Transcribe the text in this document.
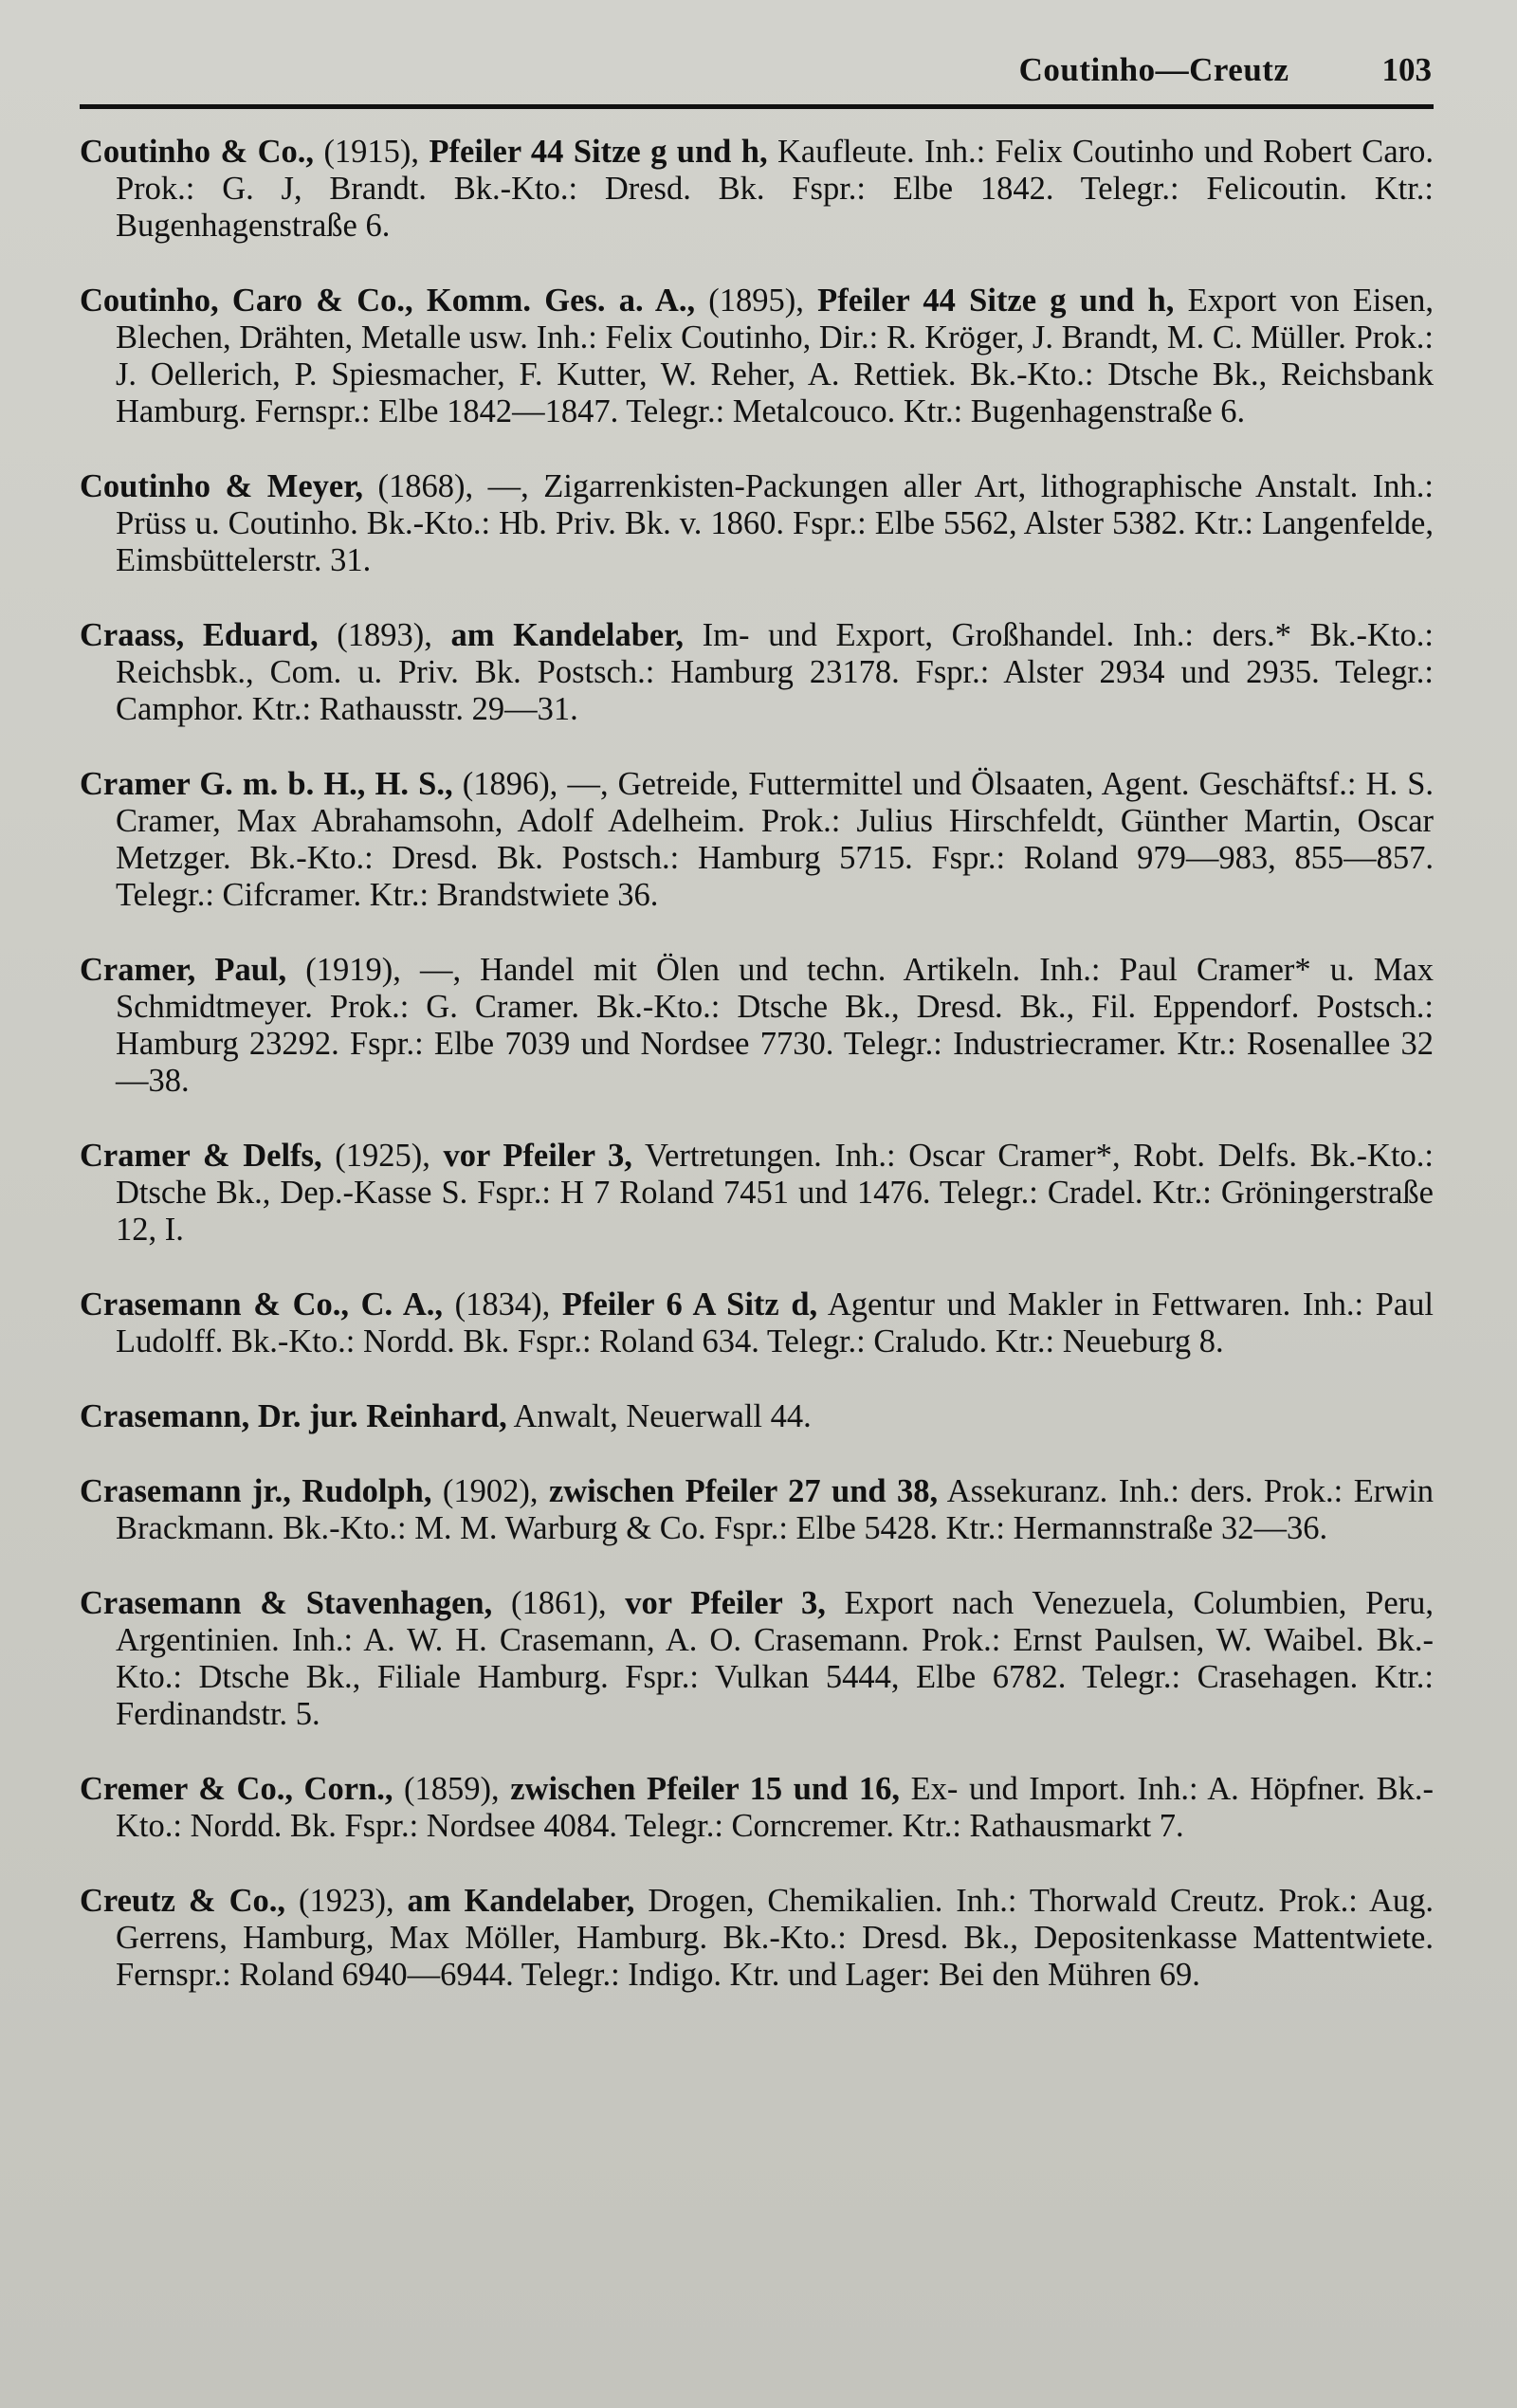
Coutinho—Creutz	103

Coutinho & Co., (1915), Pfeiler 44 Sitze g und h, Kaufleute. Inh.: Felix Coutinho und Robert Caro. Prok.: G. J, Brandt. Bk.-Kto.: Dresd. Bk. Fspr.: Elbe 1842. Telegr.: Felicoutin. Ktr.: Bugenhagenstraße 6.

Coutinho, Caro & Co., Komm. Ges. a. A., (1895), Pfeiler 44 Sitze g und h, Export von Eisen, Blechen, Drähten, Metalle usw. Inh.: Felix Coutinho, Dir.: R. Kröger, J. Brandt, M. C. Müller. Prok.: J. Oellerich, P. Spiesmacher, F. Kutter, W. Reher, A. Rettiek. Bk.-Kto.: Dtsche Bk., Reichsbank Hamburg. Fernspr.: Elbe 1842—1847. Telegr.: Metalcouco. Ktr.: Bugenhagenstraße 6.

Coutinho & Meyer, (1868), —, Zigarrenkisten-Packungen aller Art, lithographische Anstalt. Inh.: Prüss u. Coutinho. Bk.-Kto.: Hb. Priv. Bk. v. 1860. Fspr.: Elbe 5562, Alster 5382. Ktr.: Langenfelde, Eimsbüttelerstr. 31.

Craass, Eduard, (1893), am Kandelaber, Im- und Export, Großhandel. Inh.: ders.* Bk.-Kto.: Reichsbk., Com. u. Priv. Bk. Postsch.: Hamburg 23178. Fspr.: Alster 2934 und 2935. Telegr.: Camphor. Ktr.: Rathausstr. 29—31.

Cramer G. m. b. H., H. S., (1896), —, Getreide, Futtermittel und Ölsaaten, Agent. Geschäftsf.: H. S. Cramer, Max Abrahamsohn, Adolf Adelheim. Prok.: Julius Hirschfeldt, Günther Martin, Oscar Metzger. Bk.-Kto.: Dresd. Bk. Postsch.: Hamburg 5715. Fspr.: Roland 979—983, 855—857. Telegr.: Cifcramer. Ktr.: Brandstwiete 36.

Cramer, Paul, (1919), —, Handel mit Ölen und techn. Artikeln. Inh.: Paul Cramer* u. Max Schmidtmeyer. Prok.: G. Cramer. Bk.-Kto.: Dtsche Bk., Dresd. Bk., Fil. Eppendorf. Postsch.: Hamburg 23292. Fspr.: Elbe 7039 und Nordsee 7730. Telegr.: Industriecramer. Ktr.: Rosenallee 32—38.

Cramer & Delfs, (1925), vor Pfeiler 3, Vertretungen. Inh.: Oscar Cramer*, Robt. Delfs. Bk.-Kto.: Dtsche Bk., Dep.-Kasse S. Fspr.: H 7 Roland 7451 und 1476. Telegr.: Cradel. Ktr.: Gröningerstraße 12, I.

Crasemann & Co., C. A., (1834), Pfeiler 6 A Sitz d, Agentur und Makler in Fettwaren. Inh.: Paul Ludolff. Bk.-Kto.: Nordd. Bk. Fspr.: Roland 634. Telegr.: Craludo. Ktr.: Neueburg 8.

Crasemann, Dr. jur. Reinhard, Anwalt, Neuerwall 44.

Crasemann jr., Rudolph, (1902), zwischen Pfeiler 27 und 38, Assekuranz. Inh.: ders. Prok.: Erwin Brackmann. Bk.-Kto.: M. M. Warburg & Co. Fspr.: Elbe 5428. Ktr.: Hermannstraße 32—36.

Crasemann & Stavenhagen, (1861), vor Pfeiler 3, Export nach Venezuela, Columbien, Peru, Argentinien. Inh.: A. W. H. Crasemann, A. O. Crasemann. Prok.: Ernst Paulsen, W. Waibel. Bk.-Kto.: Dtsche Bk., Filiale Hamburg. Fspr.: Vulkan 5444, Elbe 6782. Telegr.: Crasehagen. Ktr.: Ferdinandstr. 5.

Cremer & Co., Corn., (1859), zwischen Pfeiler 15 und 16, Ex- und Import. Inh.: A. Höpfner. Bk.-Kto.: Nordd. Bk. Fspr.: Nordsee 4084. Telegr.: Corncremer. Ktr.: Rathausmarkt 7.

Creutz & Co., (1923), am Kandelaber, Drogen, Chemikalien. Inh.: Thorwald Creutz. Prok.: Aug. Gerrens, Hamburg, Max Möller, Hamburg. Bk.-Kto.: Dresd. Bk., Depositenkasse Mattentwiete. Fernspr.: Roland 6940—6944. Telegr.: Indigo. Ktr. und Lager: Bei den Mühren 69.
